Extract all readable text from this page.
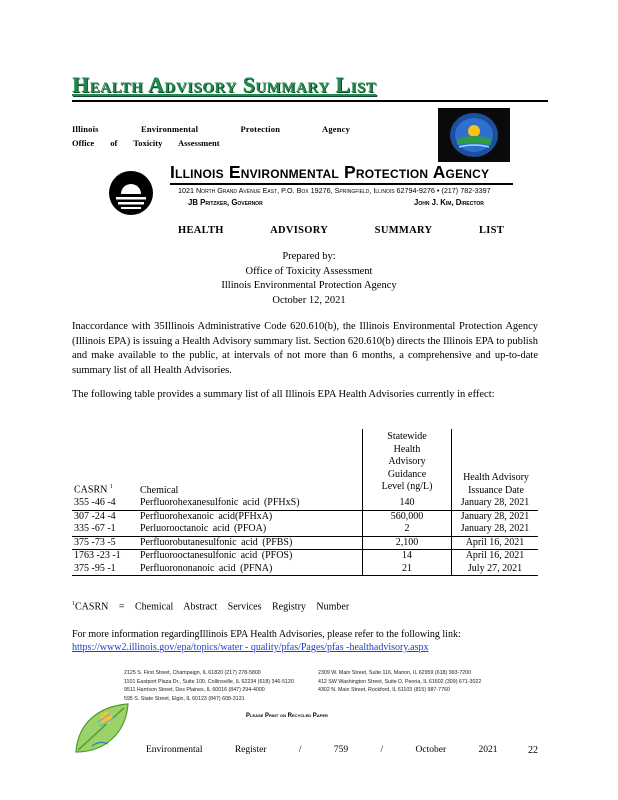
Health Advisory Summary List
Illinois Environmental Protection Agency
Office of Toxicity Assessment
Illinois Environmental Protection Agency
1021 North Grand Avenue East, P.O. Box 19276, Springfield, Illinois 62794-9276 • (217) 782-3397
JB Pritzker, Governor	John J. Kim, Director
HEALTH ADVISORY SUMMARY LIST
Prepared by:
Office of Toxicity Assessment
Illinois Environmental Protection Agency
October 12, 2021
Inaccordance with 35Illinois Administrative Code 620.610(b), the Illinois Environmental Protection Agency (Illinois EPA) is issuing a Health Advisory summary list. Section 620.610(b) directs the Illinois EPA to publish and make available to the public, at intervals of not more than 6 months, a comprehensive and up-to-date summary list of all Health Advisories.
The following table provides a summary list of all Illinois EPA Health Advisories currently in effect:
CASRN $^1$	Chemical	Statewide Health Advisory Guidance Level (ng/L)	Health Advisory Issuance Date

355 -46 -4	Perfluorohexanesulfonic acid (PFHxS)	140	January 28, 2021
307 -24 -4	Perfluorohexanoic acid(PFHxA)	560,000	January 28, 2021
335 -67 -1	Perluorooctanoic acid (PFOA)	2	January 28, 2021
375 -73 -5	Perfluorobutanesulfonic acid (PFBS)	2,100	April 16, 2021
1763 -23 -1	Perfluorooctanesulfonic acid (PFOS)	14	April 16, 2021
375 -95 -1	Perfluorononanoic acid (PFNA)	21	July 27, 2021
$^1$CASRN = Chemical Abstract Services Registry Number
For more information regardingIllinois EPA Health Advisories, please refer to the following link: https://www2.illinois.gov/epa/topics/water - quality/pfas/Pages/pfas -healthadvisory.aspx
2125 S. First Street, Champaign, IL 61820 (217) 278-5800
1101 Eastport Plaza Dr., Suite 100, Collinsville, IL 62234 (618) 346-5120
9511 Harrison Street, Des Plaines, IL 60016 (847) 294-4000
595 S. State Street, Elgin, IL 60123 (847) 608-3131
2309 W. Main Street, Suite 116, Marion, IL 62959 (618) 993-7200
412 SW Washington Street, Suite D, Peoria, IL 61602 (309) 671-3022
4302 N. Main Street, Rockford, IL 61103 (815) 987-7760
Please Print on Recycled Paper
Environmental Register / 759 / October 2021	22
